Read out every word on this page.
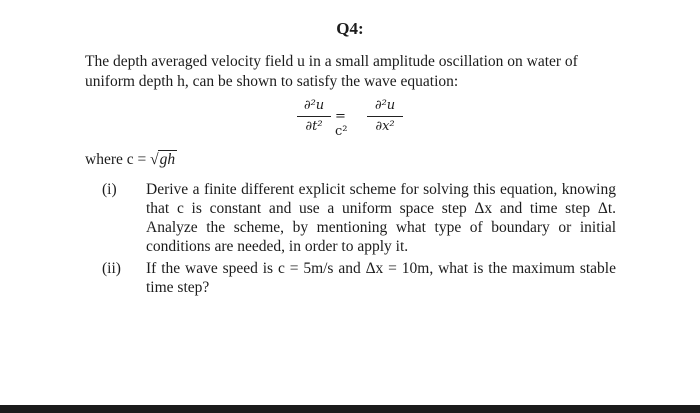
Q4:

The depth averaged velocity field u in a small amplitude oscillation on water of

uniform depth h, can be shown to satisfy the wave equation:

∂²u
∂t²
= c²
∂²u
∂x²
where c = √gh
(i) Derive a finite different explicit scheme for solving this equation, knowing that c is constant and use a uniform space step Δx and time step Δt. Analyze the scheme, by mentioning what type of boundary or initial conditions are needed, in order to apply it.
(ii) If the wave speed is c = 5m/s and Δx = 10m, what is the maximum stable time step?
